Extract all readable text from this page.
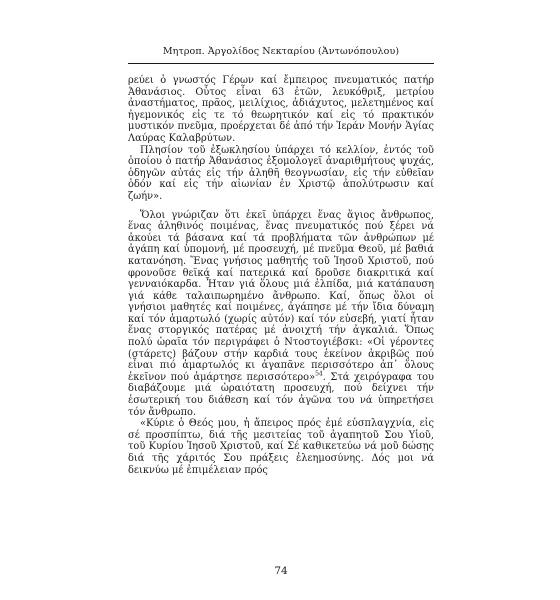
Μητροπ. Ἀργολίδος Νεκταρίου (Ἀντωνόπουλου)

ρεύει ὁ γνωστός Γέρων καί ἔμπειρος πνευματικός πατήρ Ἀθανάσιος. Οὗτος εἶναι 63 ἐτῶν, λευκόθριξ, μετρίου ἀναστήματος, πρᾶος, μειλίχιος, ἀδιάχυτος, μελετημένος καί ἠγεμονικός εἰς τε τό θεωρητικόν καί εἰς τό πρακτικόν μυστικόν πνεῦμα, προέρχεται δέ ἀπό τήν Ἱεράν Μονήν Ἁγίας Λαύρας Καλαβρύτων.

Πλησίον τοῦ ἐξωκλησίου ὑπάρχει τό κελλίον, ἐντός τοῦ ὁποίου ὁ πατήρ Ἀθανάσιος ἐξομολογεῖ ἀναριθμήτους ψυχάς, ὁδηγῶν αὐτάς εἰς τήν ἀληθῆ θεογνωσίαν, εἰς τήν εὐθεῖαν ὁδόν καί εἰς τήν αἰωνίαν ἐν Χριστῷ ἀπολύτρωσιν καί ζωήν».

Ὅλοι γνώριζαν ὅτι ἐκεῖ ὑπάρχει ἕνας ἅγιος ἄνθρωπος, ἕνας ἀληθινός ποιμένας, ἕνας πνευματικός πού ξέρει νά ἀκούει τά βάσανα καί τά προβλήματα τῶν ἀνθρώπων μέ ἀγάπη καί ὑπομονή, μέ προσευχή, μέ πνεῦμα Θεοῦ, μέ βαθιά κατανόηση. Ἕνας γνήσιος μαθητής τοῦ Ἰησοῦ Χριστοῦ, πού φρονοῦσε θεϊκά καί πατερικά καί δροῦσε διακριτικά καί γενναιόκαρδα. Ἦταν γιά ὅλους μιά ἐλπίδα, μιά κατάπαυση γιά κάθε ταλαιπωρημένο ἄνθρωπο. Καί, ὅπως ὅλοι οἱ γνήσιοι μαθητές καί ποιμένες, ἀγάπησε μέ τήν ἴδια δύναμη καί τόν ἁμαρτωλό (χωρίς αὐτόν) καί τόν εὐσεβή, γιατί ἦταν ἕνας στοργικός πατέρας μέ ἀνοιχτή τήν ἀγκαλιά. Ὅπως πολύ ὡραῖα τόν περιγράφει ὁ Ντοστογιέβσκι: «Οἱ γέροντες (στάρετς) βάζουν στήν καρδιά τους ἐκείνον ἀκριβῶς πού εἶναι πιό ἁμαρτωλός κι ἀγαπᾶνε περισσότερο ἀπ᾽ ὅλους ἐκεῖνον πού ἁμάρτησε περισσότερο»$^{54}$. Στά χειρόγραφα του διαβάζουμε μιά ὡραιότατη προσευχή, πού δείχνει τήν ἐσωτερική του διάθεση καί τόν ἀγῶνα του νά ὑπηρετήσει τόν ἄνθρωπο.

«Κύριε ὁ Θεός μου, ἡ ἄπειρος πρός ἐμέ εὐσπλαγχνία, εἰς σέ προσπίπτω, διά τῆς μεσιτείας τοῦ ἀγαπητοῦ Σου Υἱοῦ, τοῦ Κυρίου Ἰησοῦ Χριστοῦ, καί Σέ καθικετεύω νά μοῦ δώσῃς διά τῆς χάριτός Σου πράξεις ἐλεημοσύνης. Δός μοι νά δεικνύω μέ ἐπιμέλειαν πρός

74
